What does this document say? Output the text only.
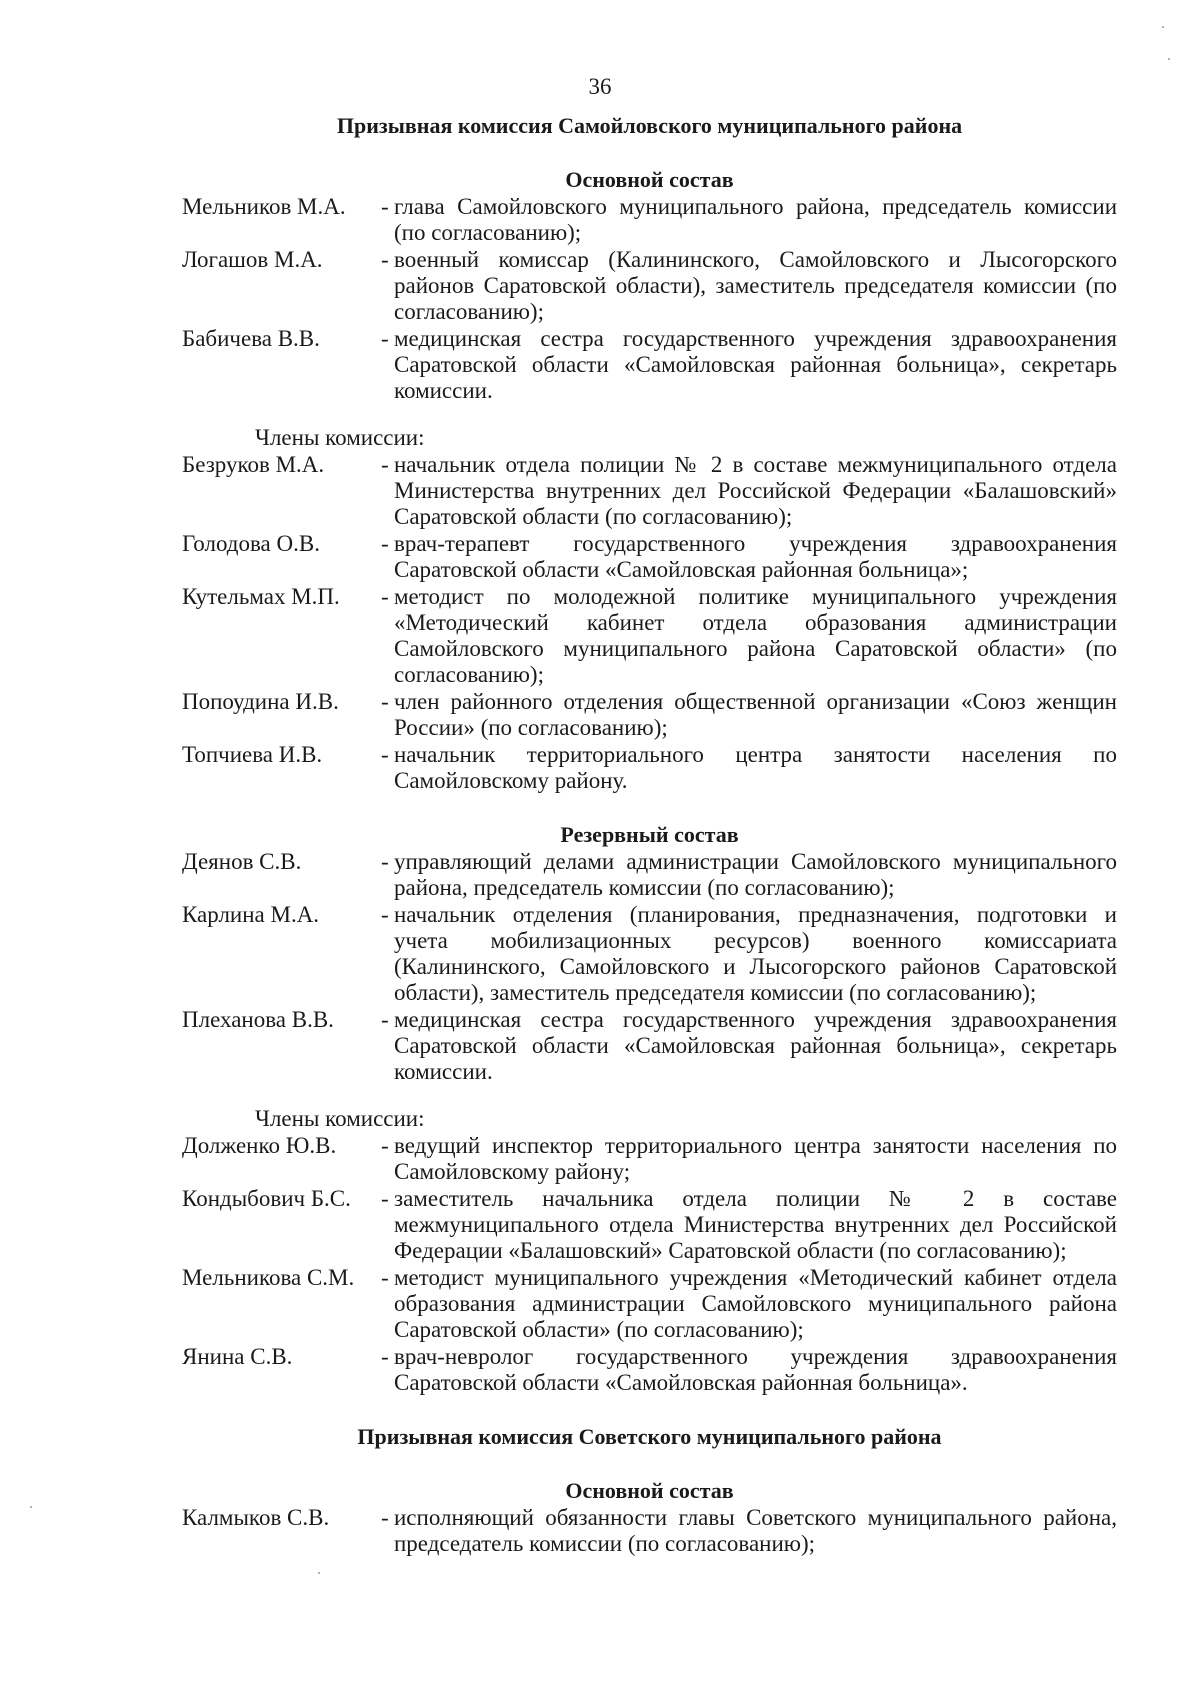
36

Призывная комиссия Самойловского муниципального района

Основной состав

Мельников М.А.	- глава Самойловского муниципального района, председатель комиссии (по согласованию);
Логашов М.А.	- военный комиссар (Калининского, Самойловского и Лысогорского районов Саратовской области), заместитель председателя комиссии (по согласованию);
Бабичева В.В.	- медицинская сестра государственного учреждения здравоохранения Саратовской области «Самойловская районная больница», секретарь комиссии.

Члены комиссии:

Безруков М.А.	- начальник отдела полиции № 2 в составе межмуниципального отдела Министерства внутренних дел Российской Федерации «Балашовский» Саратовской области (по согласованию);
Голодова О.В.	- врач-терапевт государственного учреждения здравоохранения Саратовской области «Самойловская районная больница»;
Кутельмах М.П.	- методист по молодежной политике муниципального учреждения «Методический кабинет отдела образования администрации Самойловского муниципального района Саратовской области» (по согласованию);
Попоудина И.В.	- член районного отделения общественной организации «Союз женщин России» (по согласованию);
Топчиева И.В.	- начальник территориального центра занятости населения по Самойловскому району.

Резервный состав

Деянов С.В.	- управляющий делами администрации Самойловского муниципального района, председатель комиссии (по согласованию);
Карлина М.А.	- начальник отделения (планирования, предназначения, подготовки и учета мобилизационных ресурсов) военного комиссариата (Калининского, Самойловского и Лысогорского районов Саратовской области), заместитель председателя комиссии (по согласованию);
Плеханова В.В.	- медицинская сестра государственного учреждения здравоохранения Саратовской области «Самойловская районная больница», секретарь комиссии.

Члены комиссии:

Долженко Ю.В.	- ведущий инспектор территориального центра занятости населения по Самойловскому району;
Кондыбович Б.С.	- заместитель начальника отдела полиции № 2 в составе межмуниципального отдела Министерства внутренних дел Российской Федерации «Балашовский» Саратовской области (по согласованию);
Мельникова С.М.	- методист муниципального учреждения «Методический кабинет отдела образования администрации Самойловского муниципального района Саратовской области» (по согласованию);
Янина С.В.	- врач-невролог государственного учреждения здравоохранения Саратовской области «Самойловская районная больница».

Призывная комиссия Советского муниципального района

Основной состав

Калмыков С.В.	- исполняющий обязанности главы Советского муниципального района, председатель комиссии (по согласованию);
